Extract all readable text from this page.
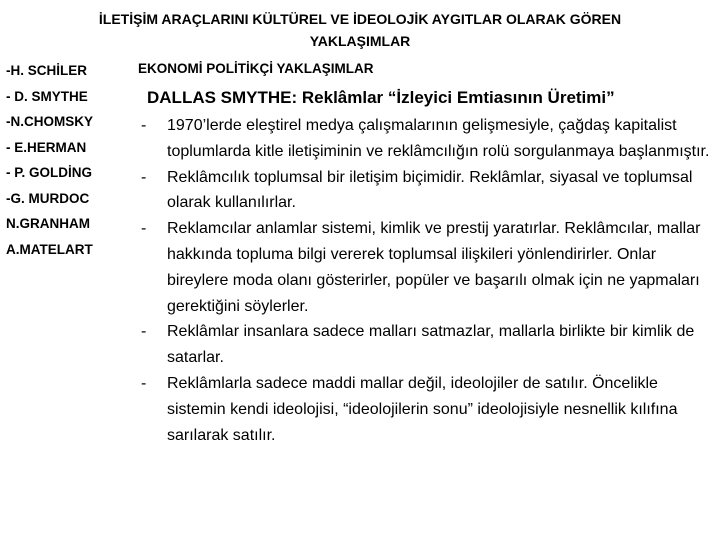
İLETİŞİM ARAÇLARINI KÜLTÜREL VE İDEOLOJİK AYGITLAR OLARAK GÖREN YAKLAŞIMLAR
-H. SCHİLER
- D. SMYTHE
-N.CHOMSKY
- E.HERMAN
- P. GOLDİNG
-G. MURDOC
N.GRANHAM
A.MATELART
EKONOMİ POLİTİKÇİ YAKLAŞIMLAR
DALLAS SMYTHE: Reklâmlar “İzleyici Emtiasının Üretimi”
-	1970’lerde eleştirel medya çalışmalarının gelişmesiyle, çağdaş kapitalist toplumlarda kitle iletişiminin ve reklâmcılığın rolü sorgulanmaya başlanmıştır.
-	Reklâmcılık toplumsal bir iletişim biçimidir. Reklâmlar, siyasal ve toplumsal olarak kullanılırlar.
-	Reklamcılar anlamlar sistemi, kimlik ve prestij yaratırlar. Reklâmcılar, mallar hakkında topluma bilgi vererek toplumsal ilişkileri yönlendirirler. Onlar bireylere moda olanı gösterirler, popüler ve başarılı olmak için ne yapmaları gerektiğini söylerler.
-	Reklâmlar insanlara sadece malları satmazlar, mallarla birlikte bir kimlik de satarlar.
-	Reklâmlarla sadece maddi mallar değil, ideolojiler de satılır. Öncelikle sistemin kendi ideolojisi, “ideolojilerin sonu” ideolojisiyle nesnellik kılıfına sarılarak satılır.
